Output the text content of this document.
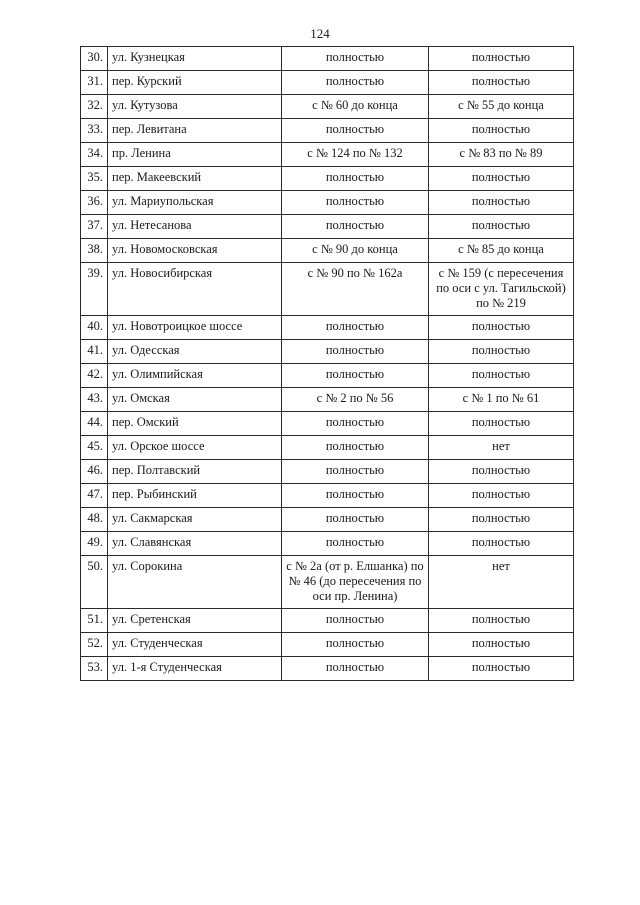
124
30.	ул. Кузнецкая	полностью	полностью
31.	пер. Курский	полностью	полностью
32.	ул. Кутузова	с № 60 до конца	с № 55 до конца
33.	пер. Левитана	полностью	полностью
34.	пр. Ленина	с № 124 по № 132	с № 83 по № 89
35.	пер. Макеевский	полностью	полностью
36.	ул. Мариупольская	полностью	полностью
37.	ул. Нетесанова	полностью	полностью
38.	ул. Новомосковская	с № 90 до конца	с № 85 до конца
39.	ул. Новосибирская	с № 90 по № 162а	с № 159 (с пересечения по оси с ул. Тагильской) по № 219
40.	ул. Новотроицкое шоссе	полностью	полностью
41.	ул. Одесская	полностью	полностью
42.	ул. Олимпийская	полностью	полностью
43.	ул. Омская	с № 2 по № 56	с № 1 по № 61
44.	пер. Омский	полностью	полностью
45.	ул. Орское шоссе	полностью	нет
46.	пер. Полтавский	полностью	полностью
47.	пер. Рыбинский	полностью	полностью
48.	ул. Сакмарская	полностью	полностью
49.	ул. Славянская	полностью	полностью
50.	ул. Сорокина	с № 2а (от р. Елшанка) по № 46 (до пересечения по оси пр. Ленина)	нет
51.	ул. Сретенская	полностью	полностью
52.	ул. Студенческая	полностью	полностью
53.	ул. 1-я Студенческая	полностью	полностью
